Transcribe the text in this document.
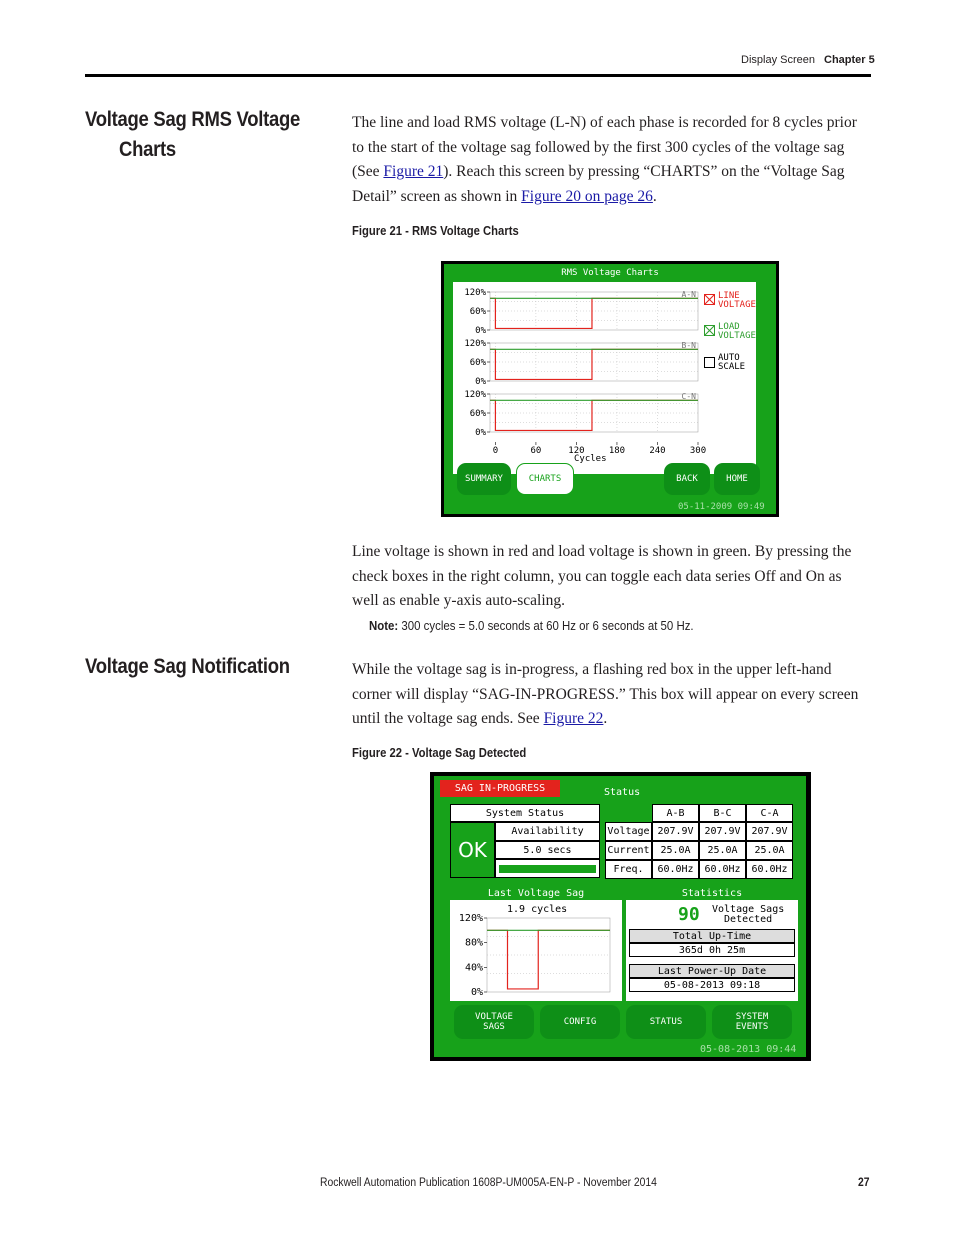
Display Screen Chapter 5
Voltage Sag RMS Voltage
Charts
The line and load RMS voltage (L-N) of each phase is recorded for 8 cycles prior
to the start of the voltage sag followed by the first 300 cycles of the voltage sag
(See Figure 21). Reach this screen by pressing “CHARTS” on the “Voltage Sag
Detail” screen as shown in Figure 20 on page 26.
Figure 21 - RMS Voltage Charts
RMS Voltage Charts
120%
60%
0%
A-N
120%
60%
0%
B-N
120%
60%
0%
C-N
0	60	120	180	240	300
LINE
VOLTAGE
LOAD
VOLTAGE
AUTO
SCALE
Cycles
SUMMARY	CHARTS	BACK	HOME
05-11-2009 09:49
Line voltage is shown in red and load voltage is shown in green. By pressing the
check boxes in the right column, you can toggle each data series Off and On as
well as enable y-axis auto-scaling.
Note: 300 cycles = 5.0 seconds at 60 Hz or 6 seconds at 50 Hz.
Voltage Sag Notification	While the voltage sag is in-progress, a flashing red box in the upper left-hand
corner will display “SAG-IN-PROGRESS.” This box will appear on every screen
until the voltage sag ends. See Figure 22.
Figure 22 - Voltage Sag Detected
SAG IN-PROGRESS	Status
System Status
OK
Availability
5.0 secs
A-B	B-C	C-A
Voltage 207.9V	207.9V	207.9V
Current	25.0A	25.0A	25.0A
Freq.	60.0Hz	60.0Hz	60.0Hz
Last Voltage Sag
1.9 cycles
120%
80%
40%
0%
Statistics
90 Voltage Sags
Detected
Total Up-Time
365d 0h 25m
Last Power-Up Date
05-08-2013 09:18
VOLTAGE
SAGS	CONFIG	STATUS	SYSTEM
EVENTS
05-08-2013 09:44
Rockwell Automation Publication 1608P-UM005A-EN-P - November 2014	27
